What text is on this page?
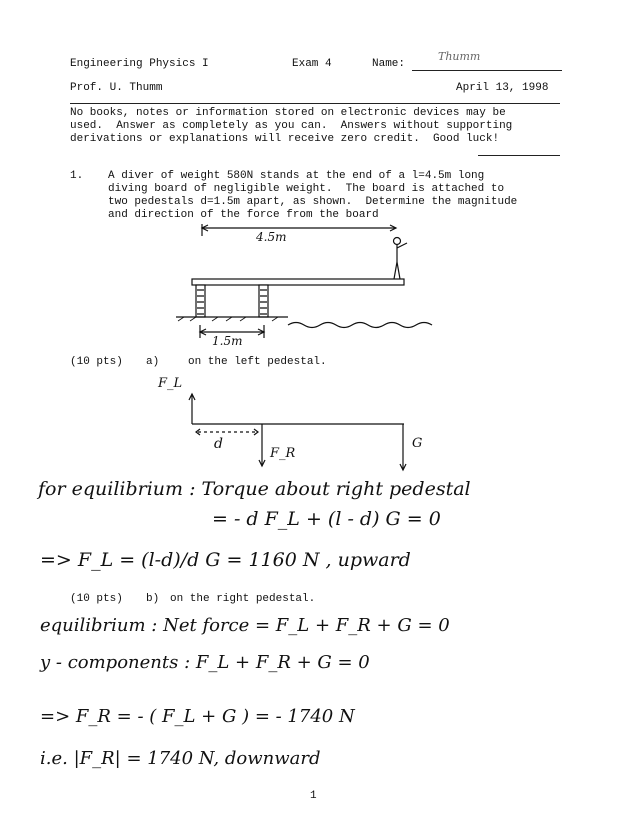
Engineering Physics I	Exam 4	Name:
Thumm
Prof. U. Thumm	April 13, 1998
No books, notes or information stored on electronic devices may be
used.  Answer as completely as you can.  Answers without supporting
derivations or explanations will receive zero credit.  Good luck!
1. A diver of weight 580N stands at the end of a l=4.5m long
diving board of negligible weight.  The board is attached to
two pedestals d=1.5m apart, as shown.  Determine the magnitude
and direction of the force from the board
4.5m
1.5m
(10 pts) a)	on the left pedestal.
F_L
d
F_R
G
for equilibrium : Torque about right pedestal
= - d F_L + (l - d) G = 0
=> F_L = (l-d)/d G = 1160 N , upward
(10 pts) b) on the right pedestal.
equilibrium : Net force = F_L + F_R + G = 0
y - components : F_L + F_R + G = 0
=> F_R = - ( F_L + G ) = - 1740 N
i.e. |F_R| = 1740 N, downward
1
